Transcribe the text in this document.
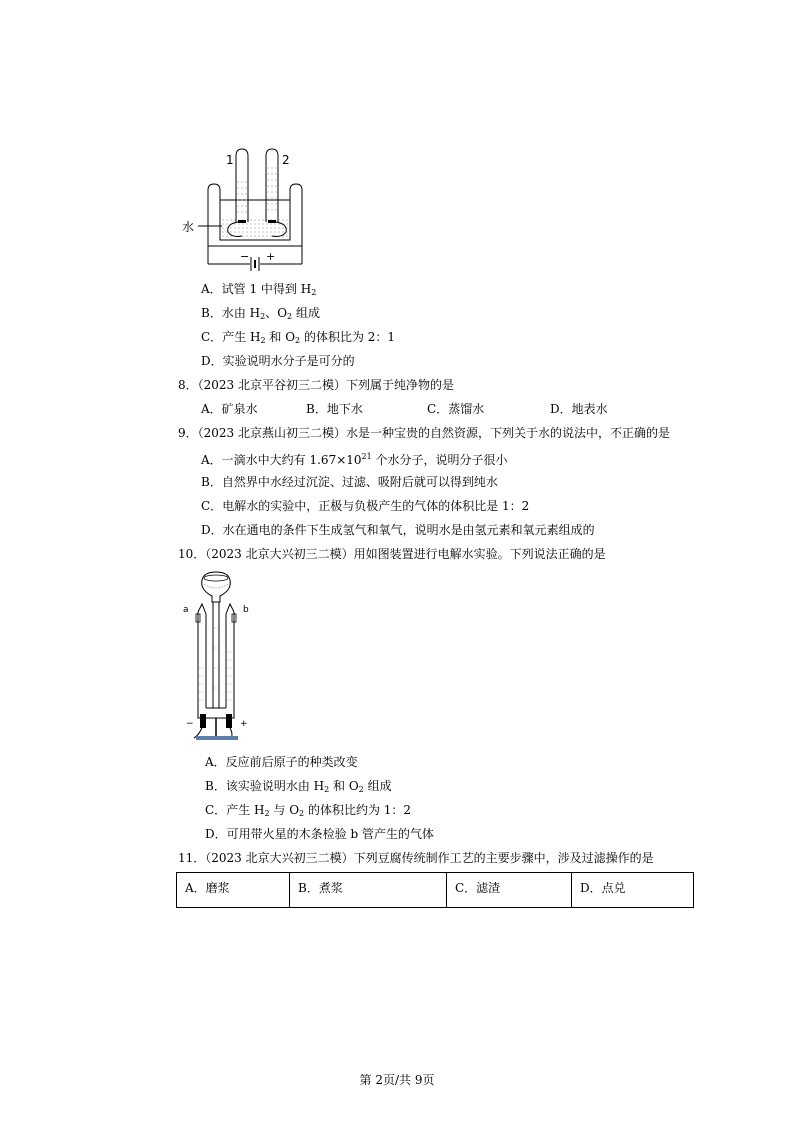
1	2
水
− +
A．试管 1 中得到 $H_2$
B．水由 $H_2$、$O_2$ 组成
C．产生 $H_2$ 和 $O_2$ 的体积比为 2：1
D．实验说明水分子是可分的
8．（2023 北京平谷初三二模）下列属于纯净物的是
A．矿泉水	B．地下水	C．蒸馏水	D．地表水
9．（2023 北京燕山初三二模）水是一种宝贵的自然资源，下列关于水的说法中，不正确的是
A．一滴水中大约有 $1.67\times 10^{21}$ 个水分子，说明分子很小
B．自然界中水经过沉淀、过滤、吸附后就可以得到纯水
C．电解水的实验中，正极与负极产生的气体的体积比是 1：2
D．水在通电的条件下生成氢气和氧气，说明水是由氢元素和氧元素组成的
10．（2023 北京大兴初三二模）用如图装置进行电解水实验。下列说法正确的是
a	b
−	+
A．反应前后原子的种类改变
B．该实验说明水由 $H_2$ 和 $O_2$ 组成
C．产生 $H_2$ 与 $O_2$ 的体积比约为 1：2
D．可用带火星的木条检验 b 管产生的气体
11．（2023 北京大兴初三二模）下列豆腐传统制作工艺的主要步骤中，涉及过滤操作的是
A．磨浆	B．煮浆	C．滤渣	D．点兑
第 2页/共 9页
